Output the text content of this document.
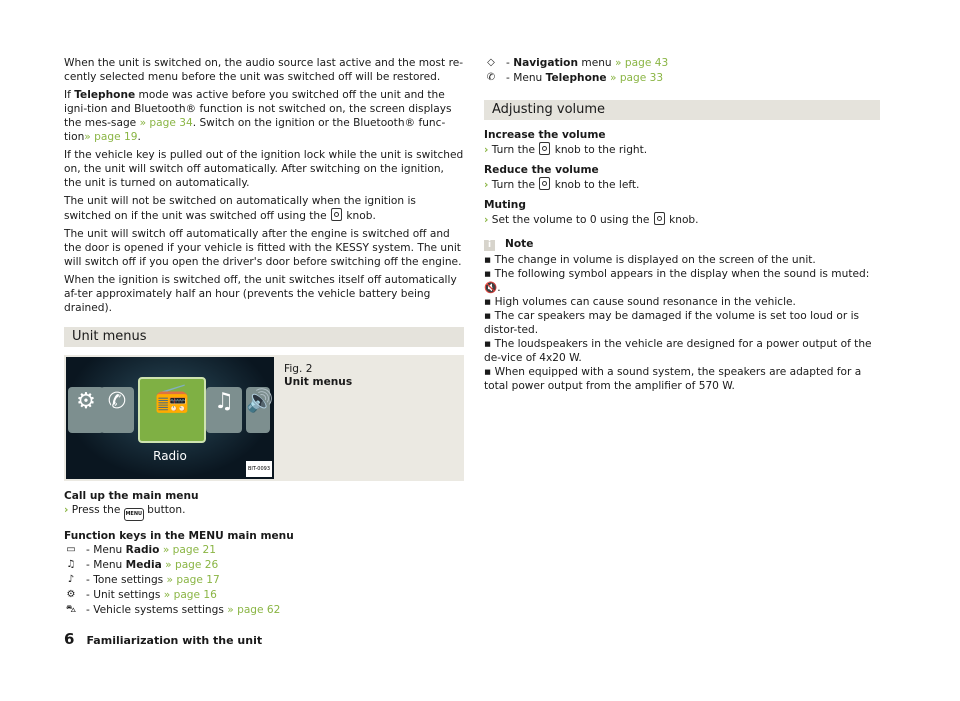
When the unit is switched on, the audio source last active and the most re-cently selected menu before the unit was switched off will be restored.

If Telephone mode was active before you switched off the unit and the igni-tion and Bluetooth® function is not switched on, the screen displays the mes-sage » page 34. Switch on the ignition or the Bluetooth® func-tion» page 19.

If the vehicle key is pulled out of the ignition lock while the unit is switched on, the unit will switch off automatically. After switching on the ignition, the unit is turned on automatically.

The unit will not be switched on automatically when the ignition is switched on if the unit was switched off using the  knob.

The unit will switch off automatically after the engine is switched off and the door is opened if your vehicle is fitted with the KESSY system. The unit will switch off if you open the driver's door before switching off the engine.

When the ignition is switched off, the unit switches itself off automatically af-ter approximately half an hour (prevents the vehicle battery being drained).

Unit menus
⚙ ✆	📻	♫ 🔊
Radio
BIT-0093
Fig. 2
Unit menus

Call up the main menu

› Press the MENU button.

Function keys in the MENU main menu

▭ - Menu Radio » page 21
♫ - Menu Media » page 26
♪	- Tone settings » page 17
⚙ - Unit settings » page 16
⛍ - Vehicle systems settings » page 62
◇ - Navigation menu » page 43
✆ - Menu Telephone » page 33
Adjusting volume

Increase the volume

› Turn the  knob to the right.

Reduce the volume

› Turn the  knob to the left.

Muting

› Set the volume to 0 using the  knob.

i Note

▪ The change in volume is displayed on the screen of the unit.

▪ The following symbol appears in the display when the sound is muted: 🔇.

▪ High volumes can cause sound resonance in the vehicle.

▪ The car speakers may be damaged if the volume is set too loud or is distor-ted.

▪ The loudspeakers in the vehicle are designed for a power output of the de-vice of 4x20 W.

▪ When equipped with a sound system, the speakers are adapted for a total power output from the amplifier of 570 W.

6 Familiarization with the unit
